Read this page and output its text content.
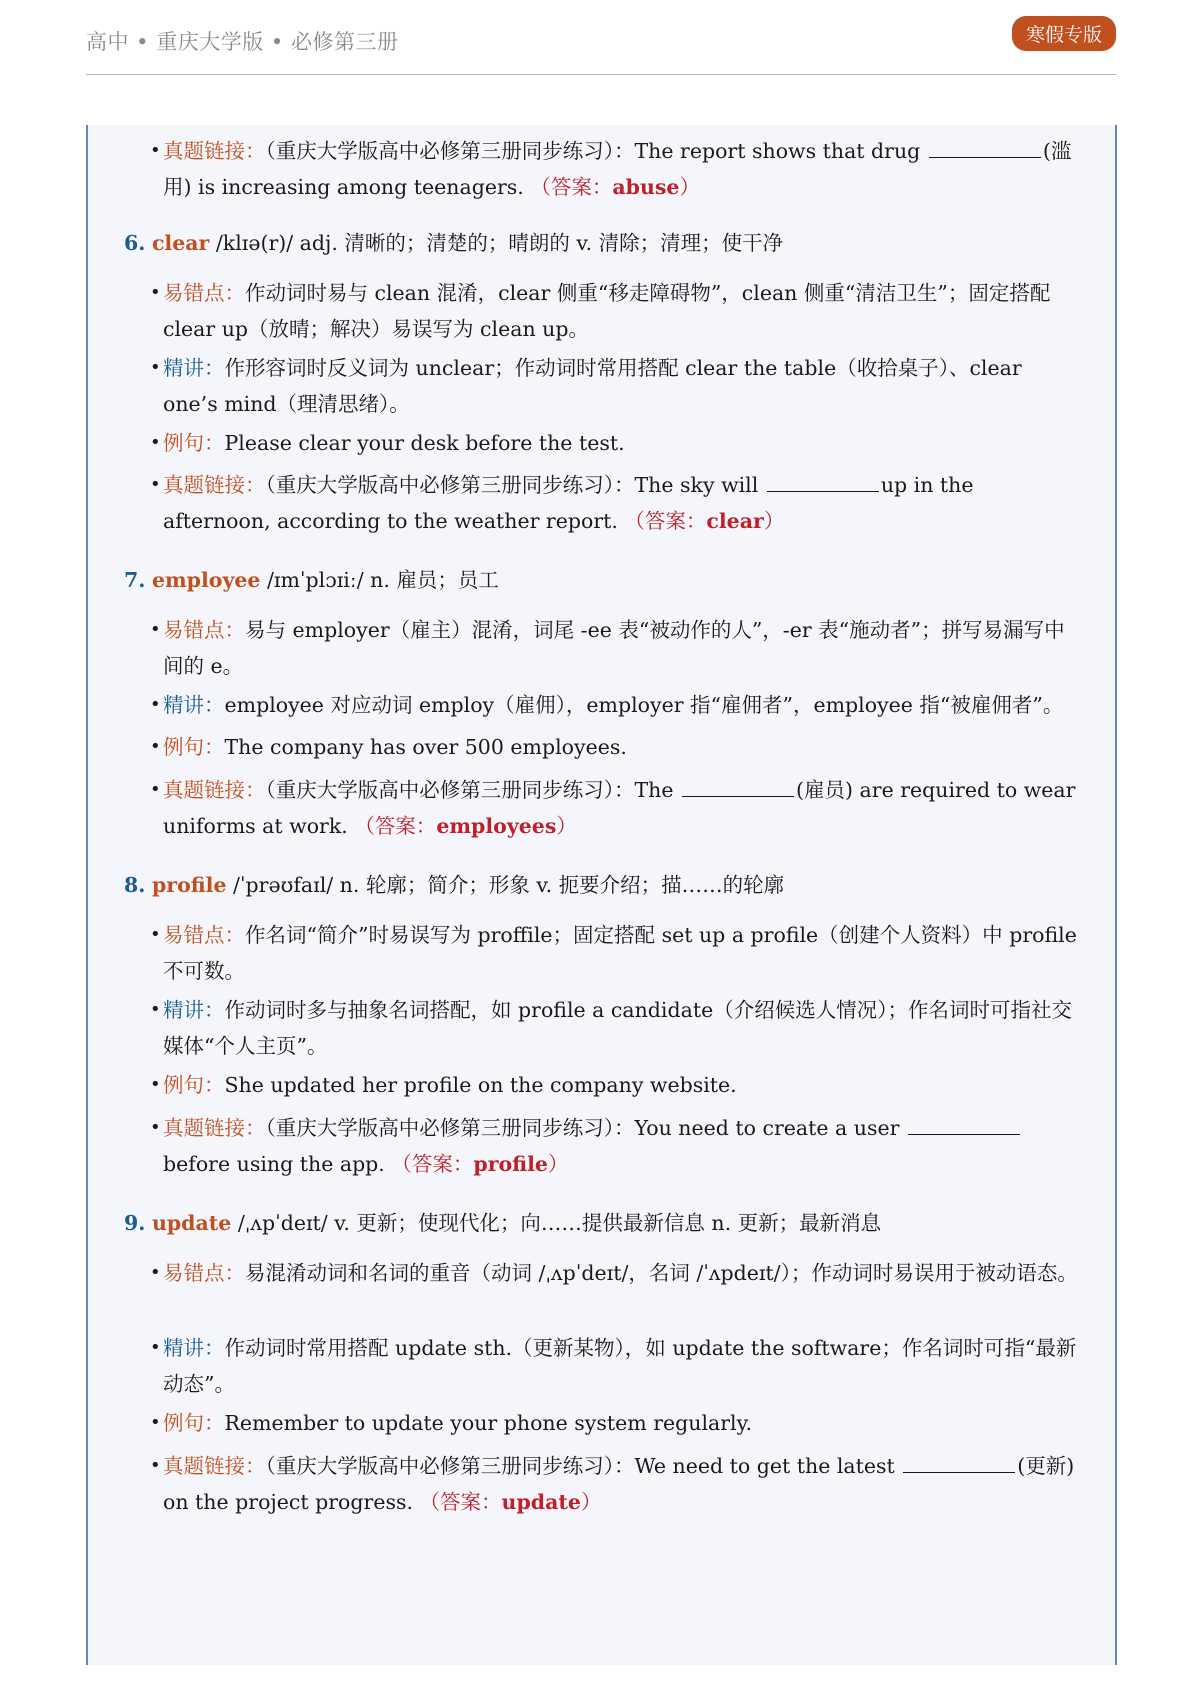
高中 • 重庆大学版 • 必修第三册	寒假专版
• 真题链接：（重庆大学版高中必修第三册同步练习）：The report shows that drug	(滥用) is increasing among teenagers. （答案：abuse）
6. clear /klɪə(r)/ adj. 清晰的；清楚的；晴朗的 v. 清除；清理；使干净
• 易错点：作动词时易与 clean 混淆，clear 侧重“移走障碍物”，clean 侧重“清洁卫生”；固定搭配 clear up（放晴；解决）易误写为 clean up。
• 精讲：作形容词时反义词为 unclear；作动词时常用搭配 clear the table（收拾桌子）、clear one’s mind（理清思绪）。
• 例句：Please clear your desk before the test.
• 真题链接：（重庆大学版高中必修第三册同步练习）：The sky will	up in the afternoon, according to the weather report. （答案：clear）
7. employee /ɪmˈplɔɪiː/ n. 雇员；员工
• 易错点：易与 employer（雇主）混淆，词尾 -ee 表“被动作的人”，-er 表“施动者”；拼写易漏写中间的 e。
• 精讲：employee 对应动词 employ（雇佣），employer 指“雇佣者”，employee 指“被雇佣者”。
• 例句：The company has over 500 employees.
• 真题链接：（重庆大学版高中必修第三册同步练习）：The	(雇员) are required to wear uniforms at work. （答案：employees）
8. profile /ˈprəʊfaɪl/ n. 轮廓；简介；形象 v. 扼要介绍；描……的轮廓
• 易错点：作名词“简介”时易误写为 proffile；固定搭配 set up a profile（创建个人资料）中 profile 不可数。
• 精讲：作动词时多与抽象名词搭配，如 profile a candidate（介绍候选人情况）；作名词时可指社交媒体“个人主页”。
• 例句：She updated her profile on the company website.
• 真题链接：（重庆大学版高中必修第三册同步练习）：You need to create a user before using the app. （答案：profile）
9. update /ˌʌpˈdeɪt/ v. 更新；使现代化；向……提供最新信息 n. 更新；最新消息
• 易错点：易混淆动词和名词的重音（动词 /ˌʌpˈdeɪt/，名词 /ˈʌpdeɪt/）；作动词时易误用于被动语态。
• 精讲：作动词时常用搭配 update sth.（更新某物），如 update the software；作名词时可指“最新动态”。
• 例句：Remember to update your phone system regularly.
• 真题链接：（重庆大学版高中必修第三册同步练习）：We need to get the latest	(更新) on the project progress. （答案：update）
